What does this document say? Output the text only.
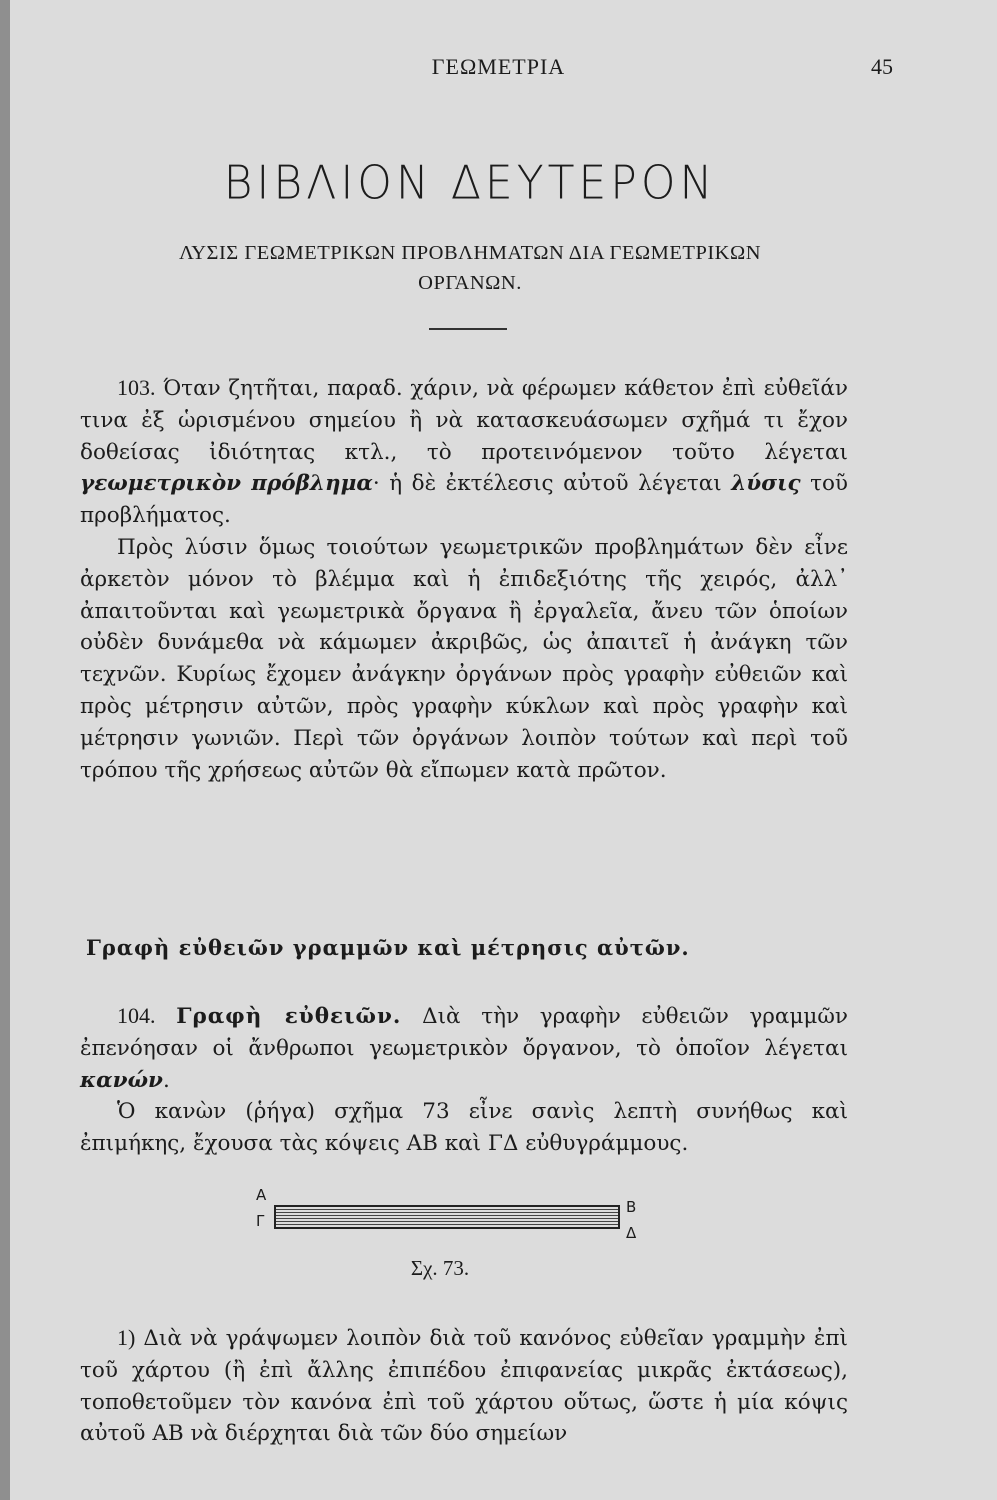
ΓΕΩΜΕΤΡΙΑ	45
ΒΙΒΛΙΟΝ ΔΕΥΤΕΡΟΝ
ΛΥΣΙΣ ΓΕΩΜΕΤΡΙΚΩΝ ΠΡΟΒΛΗΜΑΤΩΝ ΔΙΑ ΓΕΩΜΕΤΡΙΚΩΝ
ΟΡΓΑΝΩΝ.

103. Όταν ζητῆται, παραδ. χάριν, νὰ φέρωμεν κάθετον ἐπὶ εὐθεῖάν τινα ἐξ ὡρισμένου σημείου ἢ νὰ κατασκευάσωμεν σχῆμά τι ἔχον δοθείσας ἰδιότητας κτλ., τὸ προτεινόμενον τοῦτο λέγεται γεωμετρικὸν πρόβλημα· ἡ δὲ ἐκτέλεσις αὐτοῦ λέγεται λύσις τοῦ προβλήματος.

Πρὸς λύσιν ὅμως τοιούτων γεωμετρικῶν προβλημάτων δὲν εἶνε ἀρκετὸν μόνον τὸ βλέμμα καὶ ἡ ἐπιδεξιότης τῆς χειρός, ἀλλ᾽ ἀπαιτοῦνται καὶ γεωμετρικὰ ὄργανα ἢ ἐργαλεῖα, ἄνευ τῶν ὁποίων οὐδὲν δυνάμεθα νὰ κάμωμεν ἀκριβῶς, ὡς ἀπαιτεῖ ἡ ἀνάγκη τῶν τεχνῶν. Κυρίως ἔχομεν ἀνάγκην ὀργάνων πρὸς γραφὴν εὐθειῶν καὶ πρὸς μέτρησιν αὐτῶν, πρὸς γραφὴν κύκλων καὶ πρὸς γραφὴν καὶ μέτρησιν γωνιῶν. Περὶ τῶν ὀργάνων λοιπὸν τούτων καὶ περὶ τοῦ τρόπου τῆς χρήσεως αὐτῶν θὰ εἴπωμεν κατὰ πρῶτον.

Γραφὴ εὐθειῶν γραμμῶν καὶ μέτρησις αὐτῶν.

104. Γραφὴ εὐθειῶν. Διὰ τὴν γραφὴν εὐθειῶν γραμμῶν ἐπενόησαν οἱ ἄνθρωποι γεωμετρικὸν ὄργανον, τὸ ὁποῖον λέγεται κανών.

Ὁ κανὼν (ῥήγα) σχῆμα 73 εἶνε σανὶς λεπτὴ συνήθως καὶ ἐπιμήκης, ἔχουσα τὰς κόψεις ΑΒ καὶ ΓΔ εὐθυγράμμους.

Α
Γ
Β
Δ
Σχ. 73.

1) Διὰ νὰ γράψωμεν λοιπὸν διὰ τοῦ κανόνος εὐθεῖαν γραμμὴν ἐπὶ τοῦ χάρτου (ἢ ἐπὶ ἄλλης ἐπιπέδου ἐπιφανείας μικρᾶς ἐκτάσεως), τοποθετοῦμεν τὸν κανόνα ἐπὶ τοῦ χάρτου οὕτως, ὥστε ἡ μία κόψις αὐτοῦ ΑΒ νὰ διέρχηται διὰ τῶν δύο σημείων
